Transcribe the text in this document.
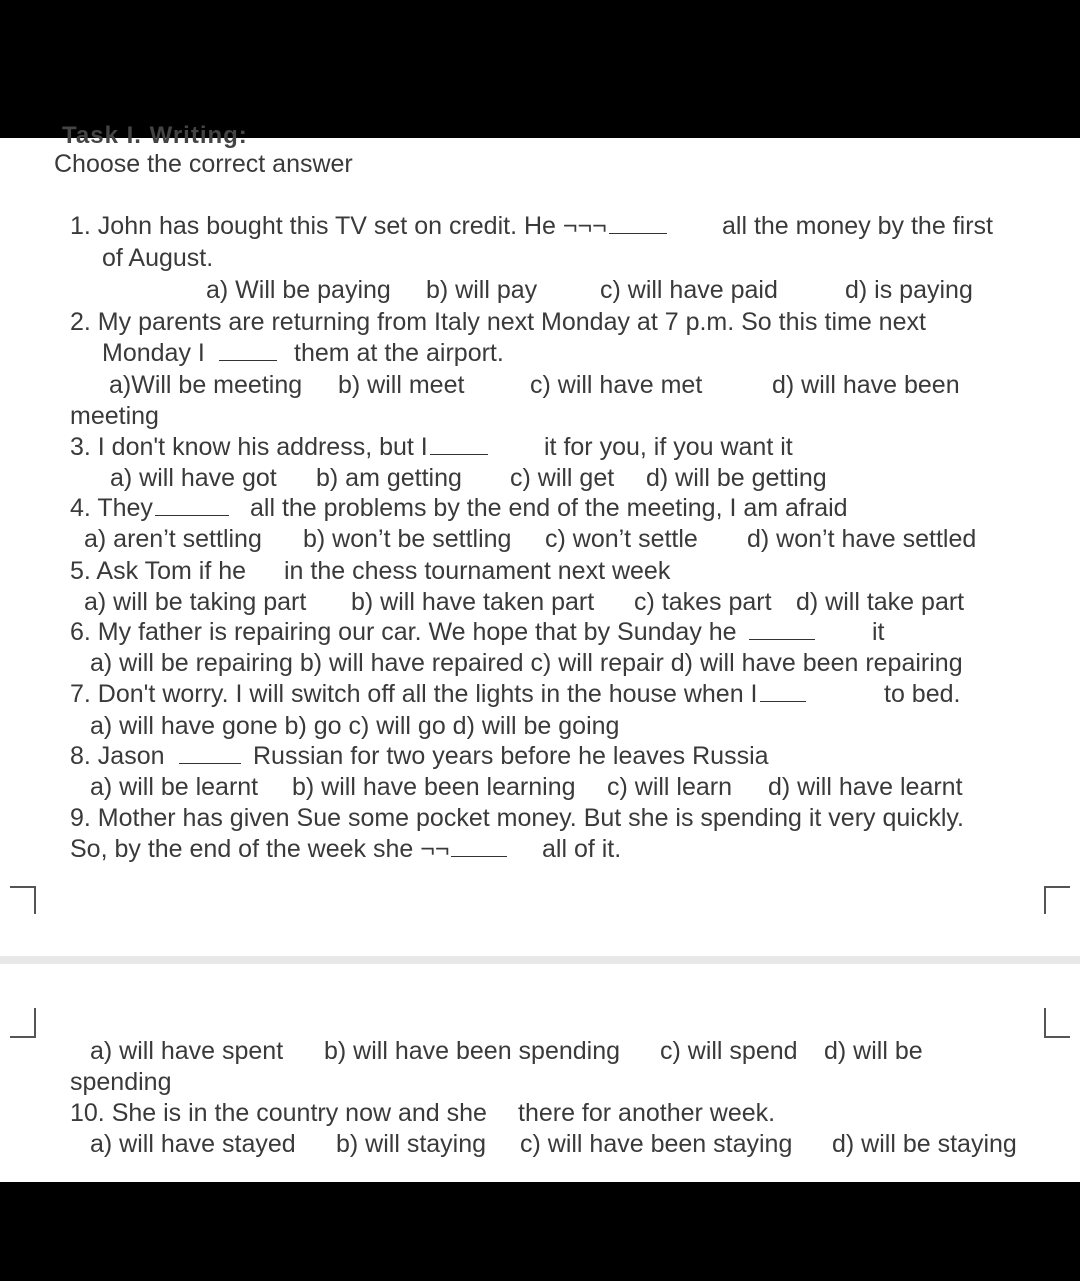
Task I. Writing:
Choose the correct answer
1. John has bought this TV set on credit. He ¬¬¬	all the money by the first
of August.
a) Will be paying b) will pay	c) will have paid	d) is paying
2. My parents are returning from Italy next Monday at 7 p.m. So this time next
Monday I	them at the airport.
a)Will be meeting b) will meet	c) will have met	d) will have been
meeting
3. I don't know his address, but I	it for you, if you want it
a) will have got b) am getting c) will get d) will be getting
4. They	all the problems by the end of the meeting, I am afraid
a) aren’t settling b) won’t be settling c) won’t settle d) won’t have settled
5. Ask Tom if he in the chess tournament next week
a) will be taking part b) will have taken part c) takes part d) will take part
6. My father is repairing our car. We hope that by Sunday he	it
a) will be repairing b) will have repaired c) will repair d) will have been repairing
7. Don't worry. I will switch off all the lights in the house when I	to bed.
a) will have gone b) go c) will go d) will be going
8. Jason	Russian for two years before he leaves Russia
a) will be learnt b) will have been learning c) will learn d) will have learnt
9. Mother has given Sue some pocket money. But she is spending it very quickly.
So, by the end of the week she ¬¬	all of it.
a) will have spent b) will have been spending c) will spend d) will be
spending
10. She is in the country now and she there for another week.
a) will have stayed b) will staying c) will have been staying d) will be staying
